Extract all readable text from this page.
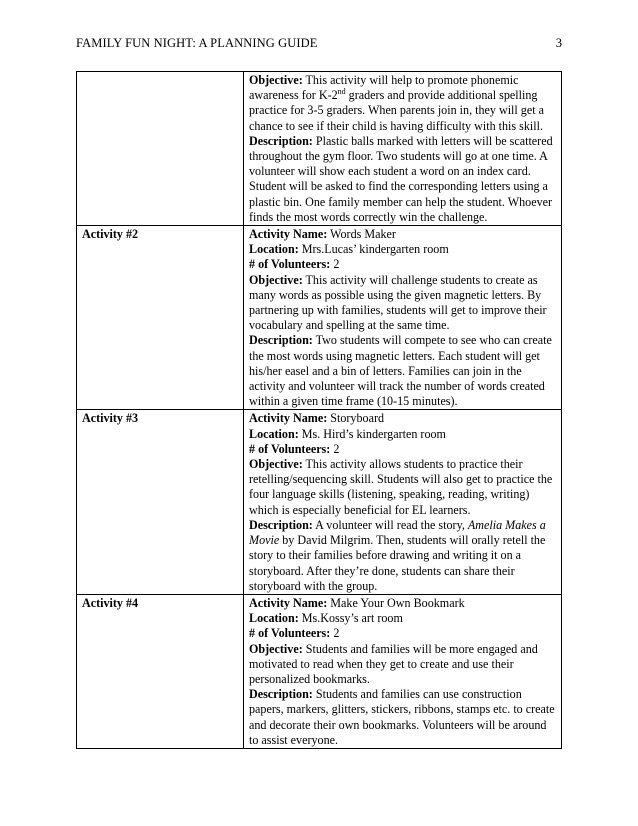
FAMILY FUN NIGHT: A PLANNING GUIDE	3

	Objective: This activity will help to promote phonemic awareness for K-2nd graders and provide additional spelling practice for 3-5 graders. When parents join in, they will get a chance to see if their child is having difficulty with this skill.
Description: Plastic balls marked with letters will be scattered throughout the gym floor. Two students will go at one time. A volunteer will show each student a word on an index card. Student will be asked to find the corresponding letters using a plastic bin. One family member can help the student. Whoever finds the most words correctly win the challenge.

Activity #2	Activity Name: Words Maker
Location: Mrs.Lucas’ kindergarten room
# of Volunteers: 2
Objective: This activity will challenge students to create as many words as possible using the given magnetic letters. By partnering up with families, students will get to improve their vocabulary and spelling at the same time.
Description: Two students will compete to see who can create the most words using magnetic letters. Each student will get his/her easel and a bin of letters. Families can join in the activity and volunteer will track the number of words created within a given time frame (10-15 minutes).

Activity #3	Activity Name: Storyboard
Location: Ms. Hird’s kindergarten room
# of Volunteers: 2
Objective: This activity allows students to practice their retelling/sequencing skill. Students will also get to practice the four language skills (listening, speaking, reading, writing) which is especially beneficial for EL learners.
Description: A volunteer will read the story, Amelia Makes a Movie by David Milgrim. Then, students will orally retell the story to their families before drawing and writing it on a storyboard. After they’re done, students can share their storyboard with the group.

Activity #4	Activity Name: Make Your Own Bookmark
Location: Ms.Kossy’s art room
# of Volunteers: 2
Objective: Students and families will be more engaged and motivated to read when they get to create and use their personalized bookmarks.
Description: Students and families can use construction papers, markers, glitters, stickers, ribbons, stamps etc. to create and decorate their own bookmarks. Volunteers will be around to assist everyone.
